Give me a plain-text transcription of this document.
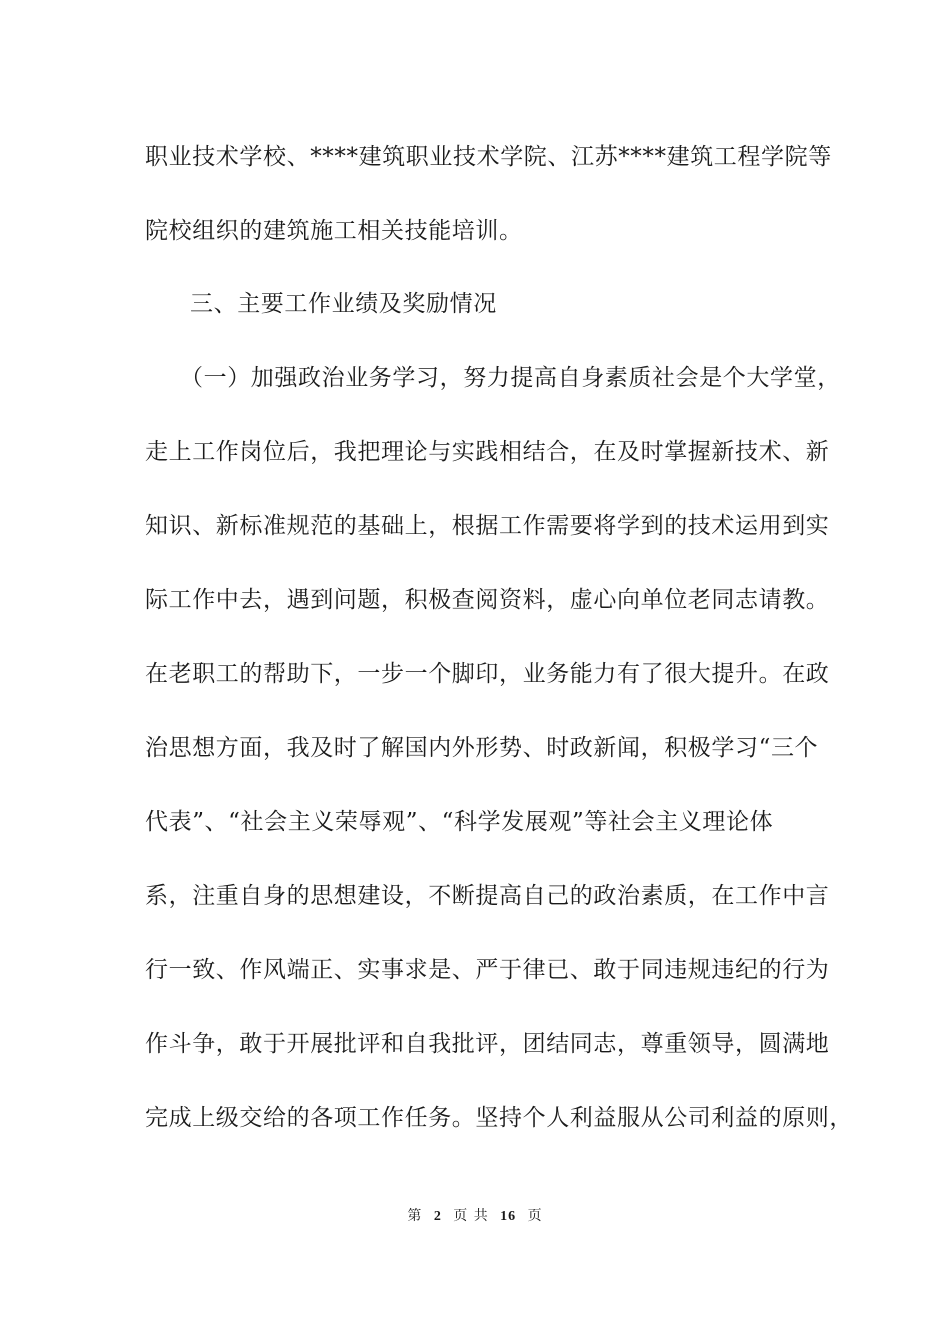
职业技术学校、****建筑职业技术学院、江苏****建筑工程学院等
院校组织的建筑施工相关技能培训。
三、主要工作业绩及奖励情况
（一）加强政治业务学习，努力提高自身素质社会是个大学堂，
走上工作岗位后，我把理论与实践相结合，在及时掌握新技术、新
知识、新标准规范的基础上，根据工作需要将学到的技术运用到实
际工作中去，遇到问题，积极查阅资料，虚心向单位老同志请教。
在老职工的帮助下，一步一个脚印，业务能力有了很大提升。在政
治思想方面，我及时了解国内外形势、时政新闻，积极学习“三个
代表”、“社会主义荣辱观”、“科学发展观”等社会主义理论体
系，注重自身的思想建设，不断提高自己的政治素质，在工作中言
行一致、作风端正、实事求是、严于律已、敢于同违规违纪的行为
作斗争，敢于开展批评和自我批评，团结同志，尊重领导，圆满地
完成上级交给的各项工作任务。坚持个人利益服从公司利益的原则，
第 2 页 共 16 页
